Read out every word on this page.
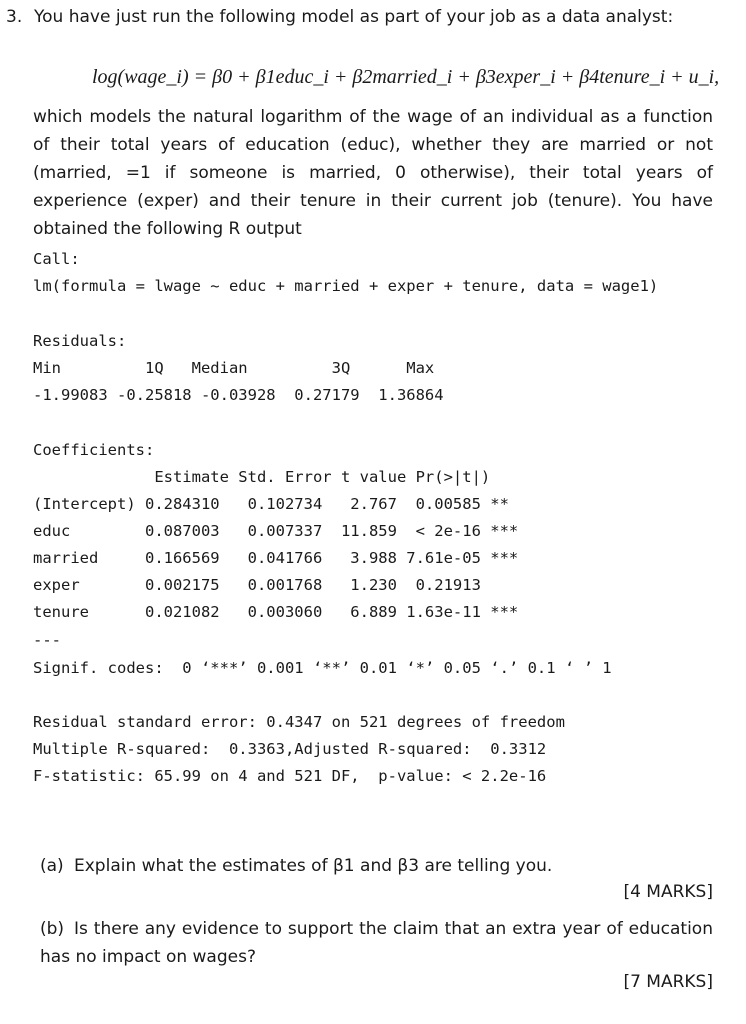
3. You have just run the following model as part of your job as a data analyst:
log(wage_i) = β0 + β1educ_i + β2married_i + β3exper_i + β4tenure_i + u_i,
which models the natural logarithm of the wage of an individual as a function of their total years of education (educ), whether they are married or not (married, =1 if someone is married, 0 otherwise), their total years of experience (exper) and their tenure in their current job (tenure). You have obtained the following R output

Call:

lm(formula = lwage ~ educ + married + exper + tenure, data = wage1)

Residuals:

Min         1Q   Median         3Q      Max

-1.99083 -0.25818 -0.03928  0.27179  1.36864

Coefficients:

Estimate Std. Error t value Pr(>|t|)

(Intercept) 0.284310   0.102734   2.767  0.00585 **

educ        0.087003   0.007337  11.859  < 2e-16 ***

married     0.166569   0.041766   3.988 7.61e-05 ***

exper       0.002175   0.001768   1.230  0.21913

tenure      0.021082   0.003060   6.889 1.63e-11 ***

---

Signif. codes:  0 ‘***’ 0.001 ‘**’ 0.01 ‘*’ 0.05 ‘.’ 0.1 ‘ ’ 1

Residual standard error: 0.4347 on 521 degrees of freedom

Multiple R-squared:  0.3363,Adjusted R-squared:  0.3312

F-statistic: 65.99 on 4 and 521 DF,  p-value: < 2.2e-16

(a) Explain what the estimates of β1 and β3 are telling you.
[4 MARKS]
(b) Is there any evidence to support the claim that an extra year of education has no impact on wages?
[7 MARKS]
